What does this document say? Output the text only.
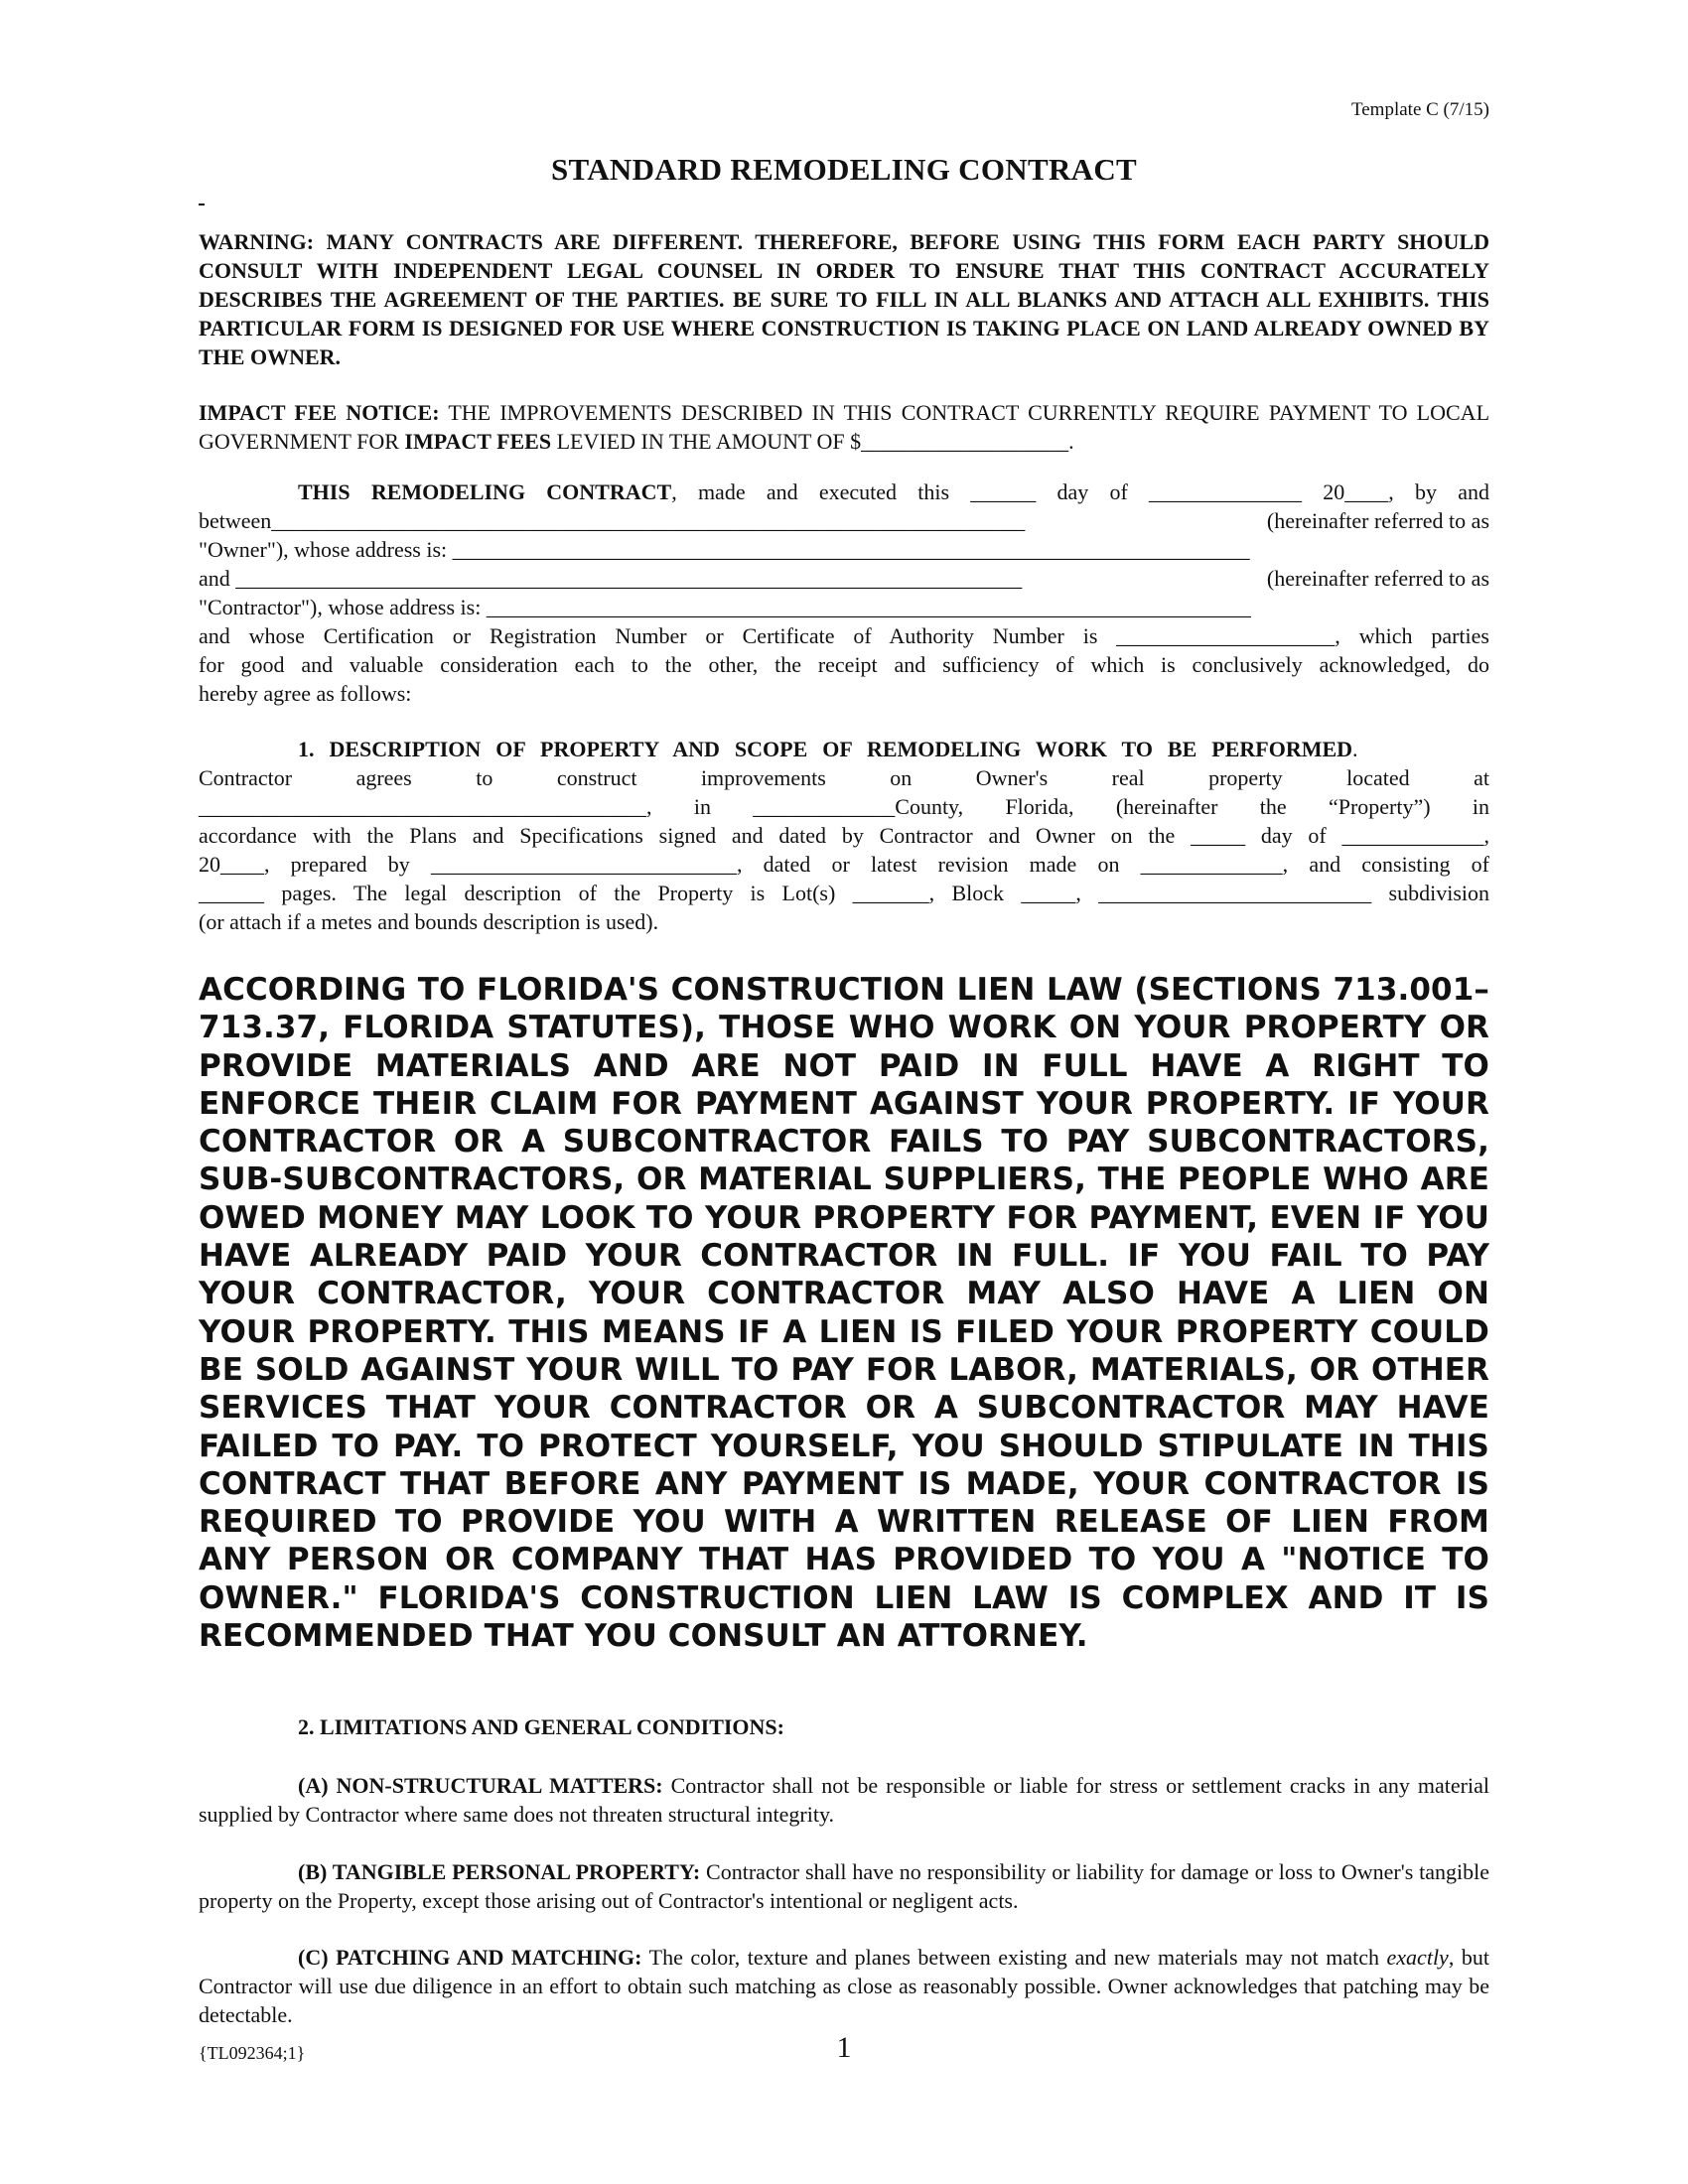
Template C (7/15)
STANDARD REMODELING CONTRACT
WARNING: MANY CONTRACTS ARE DIFFERENT. THEREFORE, BEFORE USING THIS FORM EACH PARTY SHOULD CONSULT WITH INDEPENDENT LEGAL COUNSEL IN ORDER TO ENSURE THAT THIS CONTRACT ACCURATELY DESCRIBES THE AGREEMENT OF THE PARTIES. BE SURE TO FILL IN ALL BLANKS AND ATTACH ALL EXHIBITS. THIS PARTICULAR FORM IS DESIGNED FOR USE WHERE CONSTRUCTION IS TAKING PLACE ON LAND ALREADY OWNED BY THE OWNER.
IMPACT FEE NOTICE: THE IMPROVEMENTS DESCRIBED IN THIS CONTRACT CURRENTLY REQUIRE PAYMENT TO LOCAL GOVERNMENT FOR IMPACT FEES LEVIED IN THE AMOUNT OF $___________________.
THIS REMODELING CONTRACT, made and executed this ______ day of ______________ 20____, by and
between_____________________________________________________________________	(hereinafter referred to as
"Owner"), whose address is: _________________________________________________________________________
and ________________________________________________________________________	(hereinafter referred to as
"Contractor"), whose address is: ______________________________________________________________________
and whose Certification or Registration Number or Certificate of Authority Number is ____________________, which parties
for good and valuable consideration each to the other, the receipt and sufficiency of which is conclusively acknowledged, do
hereby agree as follows:
1. DESCRIPTION OF PROPERTY AND SCOPE OF REMODELING WORK TO BE PERFORMED.
Contractor agrees to construct improvements on Owner's real property located at
_________________________________________, in _____________County, Florida, (hereinafter the “Property”) in
accordance with the Plans and Specifications signed and dated by Contractor and Owner on the _____ day of _____________,
20____, prepared by ____________________________, dated or latest revision made on _____________, and consisting of
______ pages. The legal description of the Property is Lot(s) _______, Block _____, _________________________ subdivision
(or attach if a metes and bounds description is used).
ACCORDING TO FLORIDA'S CONSTRUCTION LIEN LAW (SECTIONS 713.001–713.37, FLORIDA STATUTES), THOSE WHO WORK ON YOUR PROPERTY OR PROVIDE MATERIALS AND ARE NOT PAID IN FULL HAVE A RIGHT TO ENFORCE THEIR CLAIM FOR PAYMENT AGAINST YOUR PROPERTY. IF YOUR CONTRACTOR OR A SUBCONTRACTOR FAILS TO PAY SUBCONTRACTORS, SUB-SUBCONTRACTORS, OR MATERIAL SUPPLIERS, THE PEOPLE WHO ARE OWED MONEY MAY LOOK TO YOUR PROPERTY FOR PAYMENT, EVEN IF YOU HAVE ALREADY PAID YOUR CONTRACTOR IN FULL. IF YOU FAIL TO PAY YOUR CONTRACTOR, YOUR CONTRACTOR MAY ALSO HAVE A LIEN ON YOUR PROPERTY. THIS MEANS IF A LIEN IS FILED YOUR PROPERTY COULD BE SOLD AGAINST YOUR WILL TO PAY FOR LABOR, MATERIALS, OR OTHER SERVICES THAT YOUR CONTRACTOR OR A SUBCONTRACTOR MAY HAVE FAILED TO PAY. TO PROTECT YOURSELF, YOU SHOULD STIPULATE IN THIS CONTRACT THAT BEFORE ANY PAYMENT IS MADE, YOUR CONTRACTOR IS REQUIRED TO PROVIDE YOU WITH A WRITTEN RELEASE OF LIEN FROM ANY PERSON OR COMPANY THAT HAS PROVIDED TO YOU A "NOTICE TO OWNER." FLORIDA'S CONSTRUCTION LIEN LAW IS COMPLEX AND IT IS RECOMMENDED THAT YOU CONSULT AN ATTORNEY.
2. LIMITATIONS AND GENERAL CONDITIONS:
(A) NON-STRUCTURAL MATTERS: Contractor shall not be responsible or liable for stress or settlement cracks in any material supplied by Contractor where same does not threaten structural integrity.
(B) TANGIBLE PERSONAL PROPERTY: Contractor shall have no responsibility or liability for damage or loss to Owner's tangible property on the Property, except those arising out of Contractor's intentional or negligent acts.
(C) PATCHING AND MATCHING: The color, texture and planes between existing and new materials may not match exactly, but Contractor will use due diligence in an effort to obtain such matching as close as reasonably possible. Owner acknowledges that patching may be detectable.
{TL092364;1}	1
